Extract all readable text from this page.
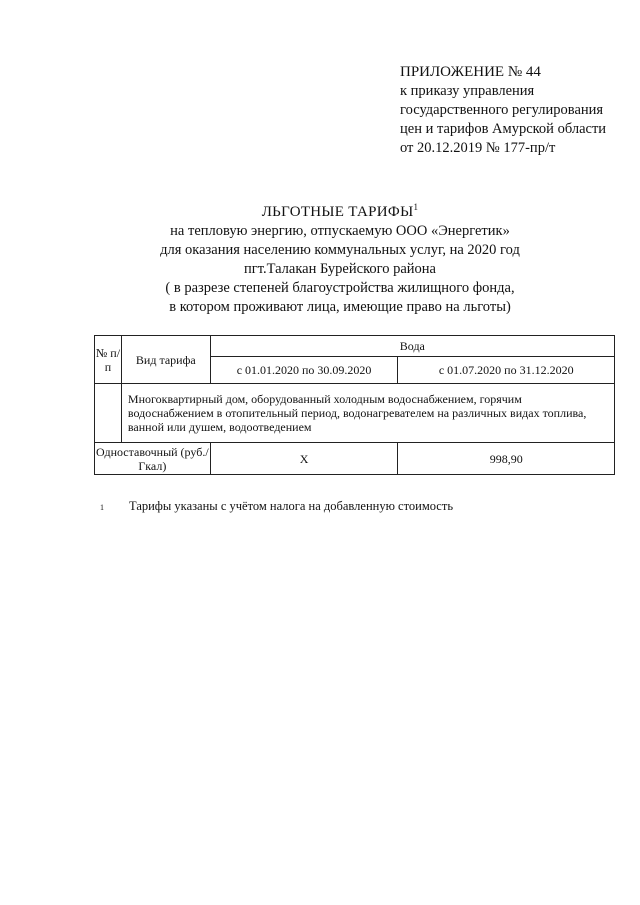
ПРИЛОЖЕНИЕ № 44
к приказу управления
государственного регулирования
цен и тарифов Амурской области
от 20.12.2019 № 177-пр/т
ЛЬГОТНЫЕ ТАРИФЫ$^1$
на тепловую энергию, отпускаемую ООО «Энергетик»
для оказания населению коммунальных услуг, на 2020 год
пгт.Талакан Бурейского района
( в разрезе степеней благоустройства жилищного фонда,
в котором проживают лица, имеющие право на льготы)
№ п/п	Вид тарифа	Вода	
		с 01.01.2020 по 30.09.2020	с 01.07.2020 по 31.12.2020
	Многоквартирный дом, оборудованный холодным водоснабжением, горячим водоснабжением в отопительный период, водонагревателем на различных видах топлива, ванной или душем, водоотведением		
Одноставочный (руб./Гкал)		Х	998,90
1 Тарифы указаны с учётом налога на добавленную стоимость
